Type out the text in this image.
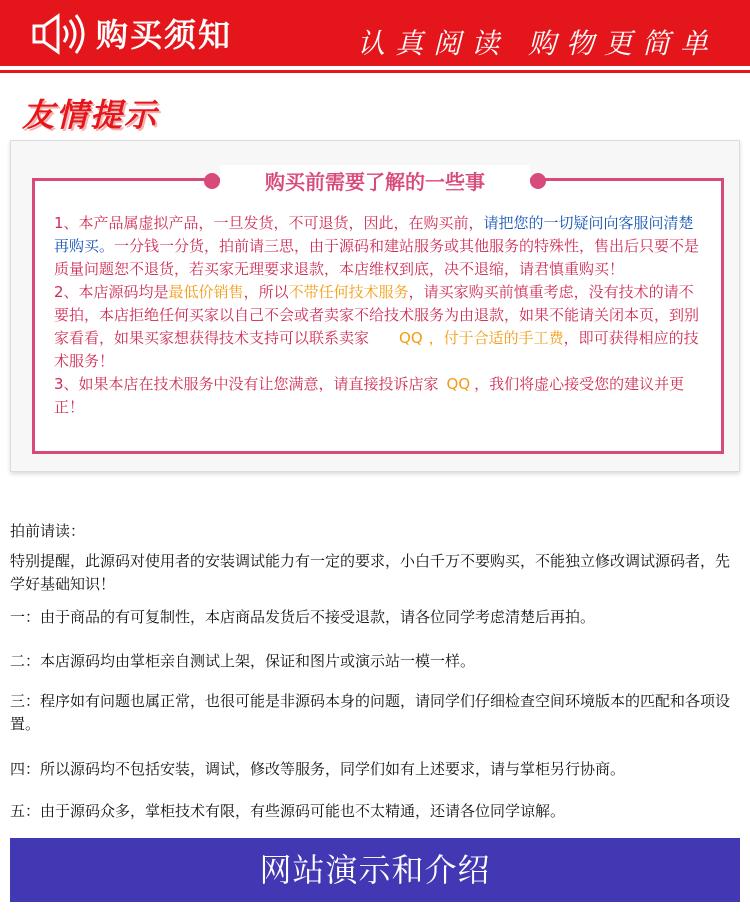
购买须知	认真阅读 购物更简单
友情提示
购买前需要了解的一些事
1、本产品属虚拟产品，一旦发货，不可退货，因此，在购买前，请把您的一切疑问向客服问清楚再购买。一分钱一分货，拍前请三思，由于源码和建站服务或其他服务的特殊性，售出后只要不是质量问题恕不退货，若买家无理要求退款，本店维权到底，决不退缩，请君慎重购买！
2、本店源码均是最低价销售，所以不带任何技术服务，请买家购买前慎重考虑，没有技术的请不要拍，本店拒绝任何买家以自己不会或者卖家不给技术服务为由退款，如果不能请关闭本页，到别家看看，如果买家想获得技术支持可以联系卖家 QQ ，付于合适的手工费，即可获得相应的技术服务！
3、如果本店在技术服务中没有让您满意，请直接投诉店家 QQ ，我们将虚心接受您的建议并更正！
拍前请读：

特别提醒，此源码对使用者的安装调试能力有一定的要求，小白千万不要购买，不能独立修改调试源码者，先学好基础知识！

一：由于商品的有可复制性，本店商品发货后不接受退款，请各位同学考虑清楚后再拍。

二：本店源码均由掌柜亲自测试上架，保证和图片或演示站一模一样。

三：程序如有问题也属正常，也很可能是非源码本身的问题，请同学们仔细检查空间环境版本的匹配和各项设置。

四：所以源码均不包括安装，调试，修改等服务，同学们如有上述要求，请与掌柜另行协商。

五：由于源码众多，掌柜技术有限，有些源码可能也不太精通，还请各位同学谅解。

网站演示和介绍
